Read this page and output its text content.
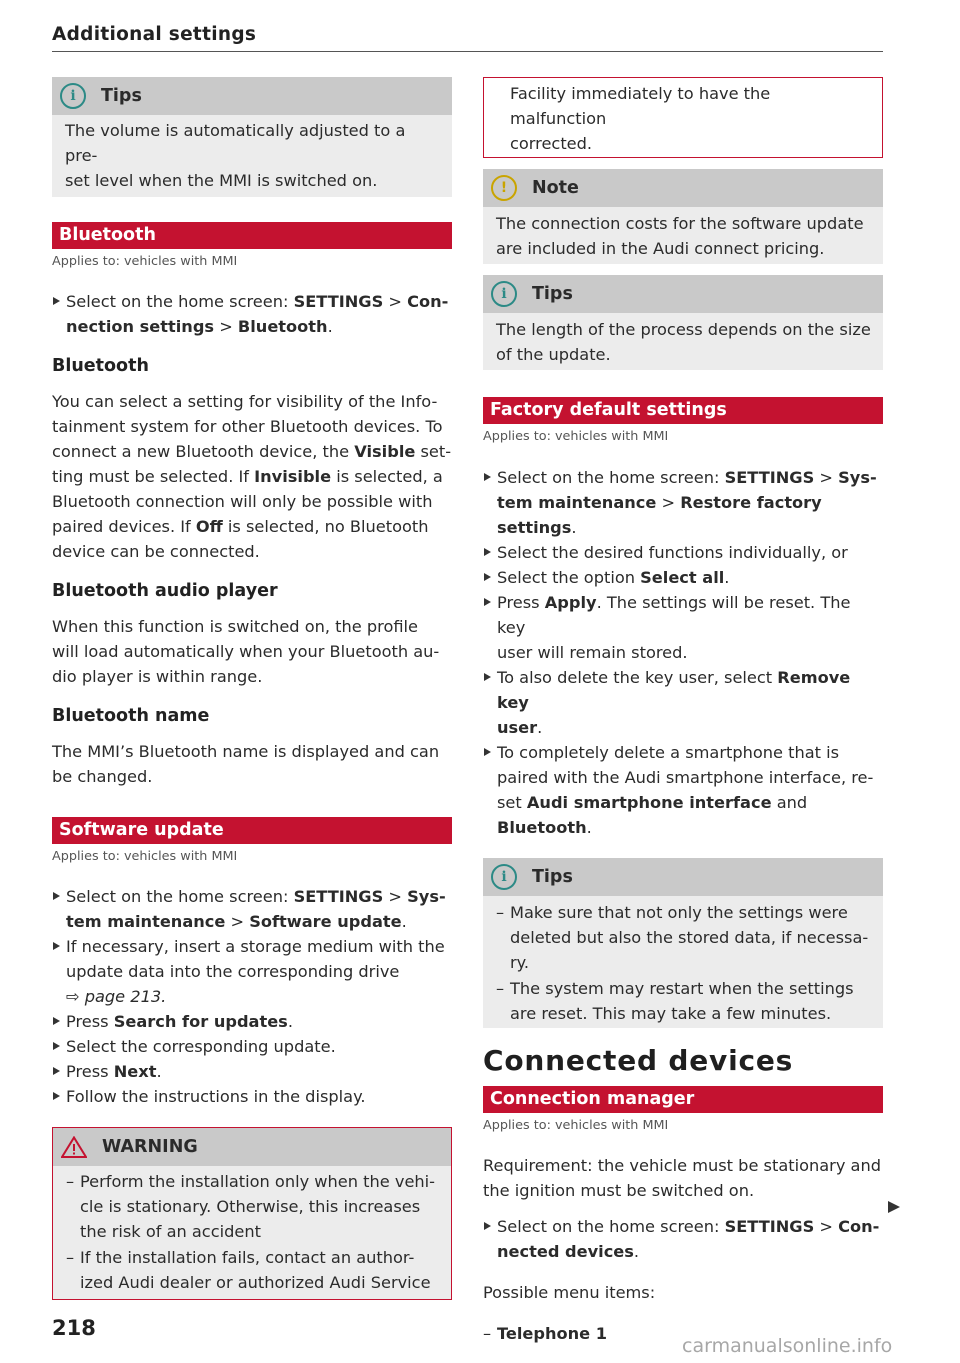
Additional settings
i	Tips

The volume is automatically adjusted to a pre-

set level when the MMI is switched on.

Bluetooth
Applies to: vehicles with MMI
Select on the home screen: SETTINGS > Con-
nection settings > Bluetooth.
Bluetooth

You can select a setting for visibility of the Info-

tainment system for other Bluetooth devices. To

connect a new Bluetooth device, the Visible set-

ting must be selected. If Invisible is selected, a

Bluetooth connection will only be possible with

paired devices. If Off is selected, no Bluetooth

device can be connected.

Bluetooth audio player

When this function is switched on, the profile

will load automatically when your Bluetooth au-

dio player is within range.

Bluetooth name

The MMI’s Bluetooth name is displayed and can

be changed.

Software update
Applies to: vehicles with MMI
Select on the home screen: SETTINGS > Sys-
tem maintenance > Software update.
If necessary, insert a storage medium with the
update data into the corresponding drive
⇨ page 213.
Press Search for updates.
Select the corresponding update.
Press Next.
Follow the instructions in the display.
WARNING
– Perform the installation only when the vehi-
cle is stationary. Otherwise, this increases
the risk of an accident
– If the installation fails, contact an author-
ized Audi dealer or authorized Audi Service

Facility immediately to have the malfunction

corrected.

!	Note

The connection costs for the software update

are included in the Audi connect pricing.

i	Tips

The length of the process depends on the size

of the update.

Factory default settings
Applies to: vehicles with MMI
Select on the home screen: SETTINGS > Sys-
tem maintenance > Restore factory settings.
Select the desired functions individually, or
Select the option Select all.
Press Apply. The settings will be reset. The key
user will remain stored.
To also delete the key user, select Remove key
user.
To completely delete a smartphone that is
paired with the Audi smartphone interface, re-
set Audi smartphone interface and Bluetooth.
i	Tips
– Make sure that not only the settings were
deleted but also the stored data, if necessa-
ry.
– The system may restart when the settings
are reset. This may take a few minutes.
Connected devices
Connection manager
Applies to: vehicles with MMI

Requirement: the vehicle must be stationary and

the ignition must be switched on.

Select on the home screen: SETTINGS > Con-
nected devices.

Possible menu items:

– Telephone 1
218
carmanualsonline.info
